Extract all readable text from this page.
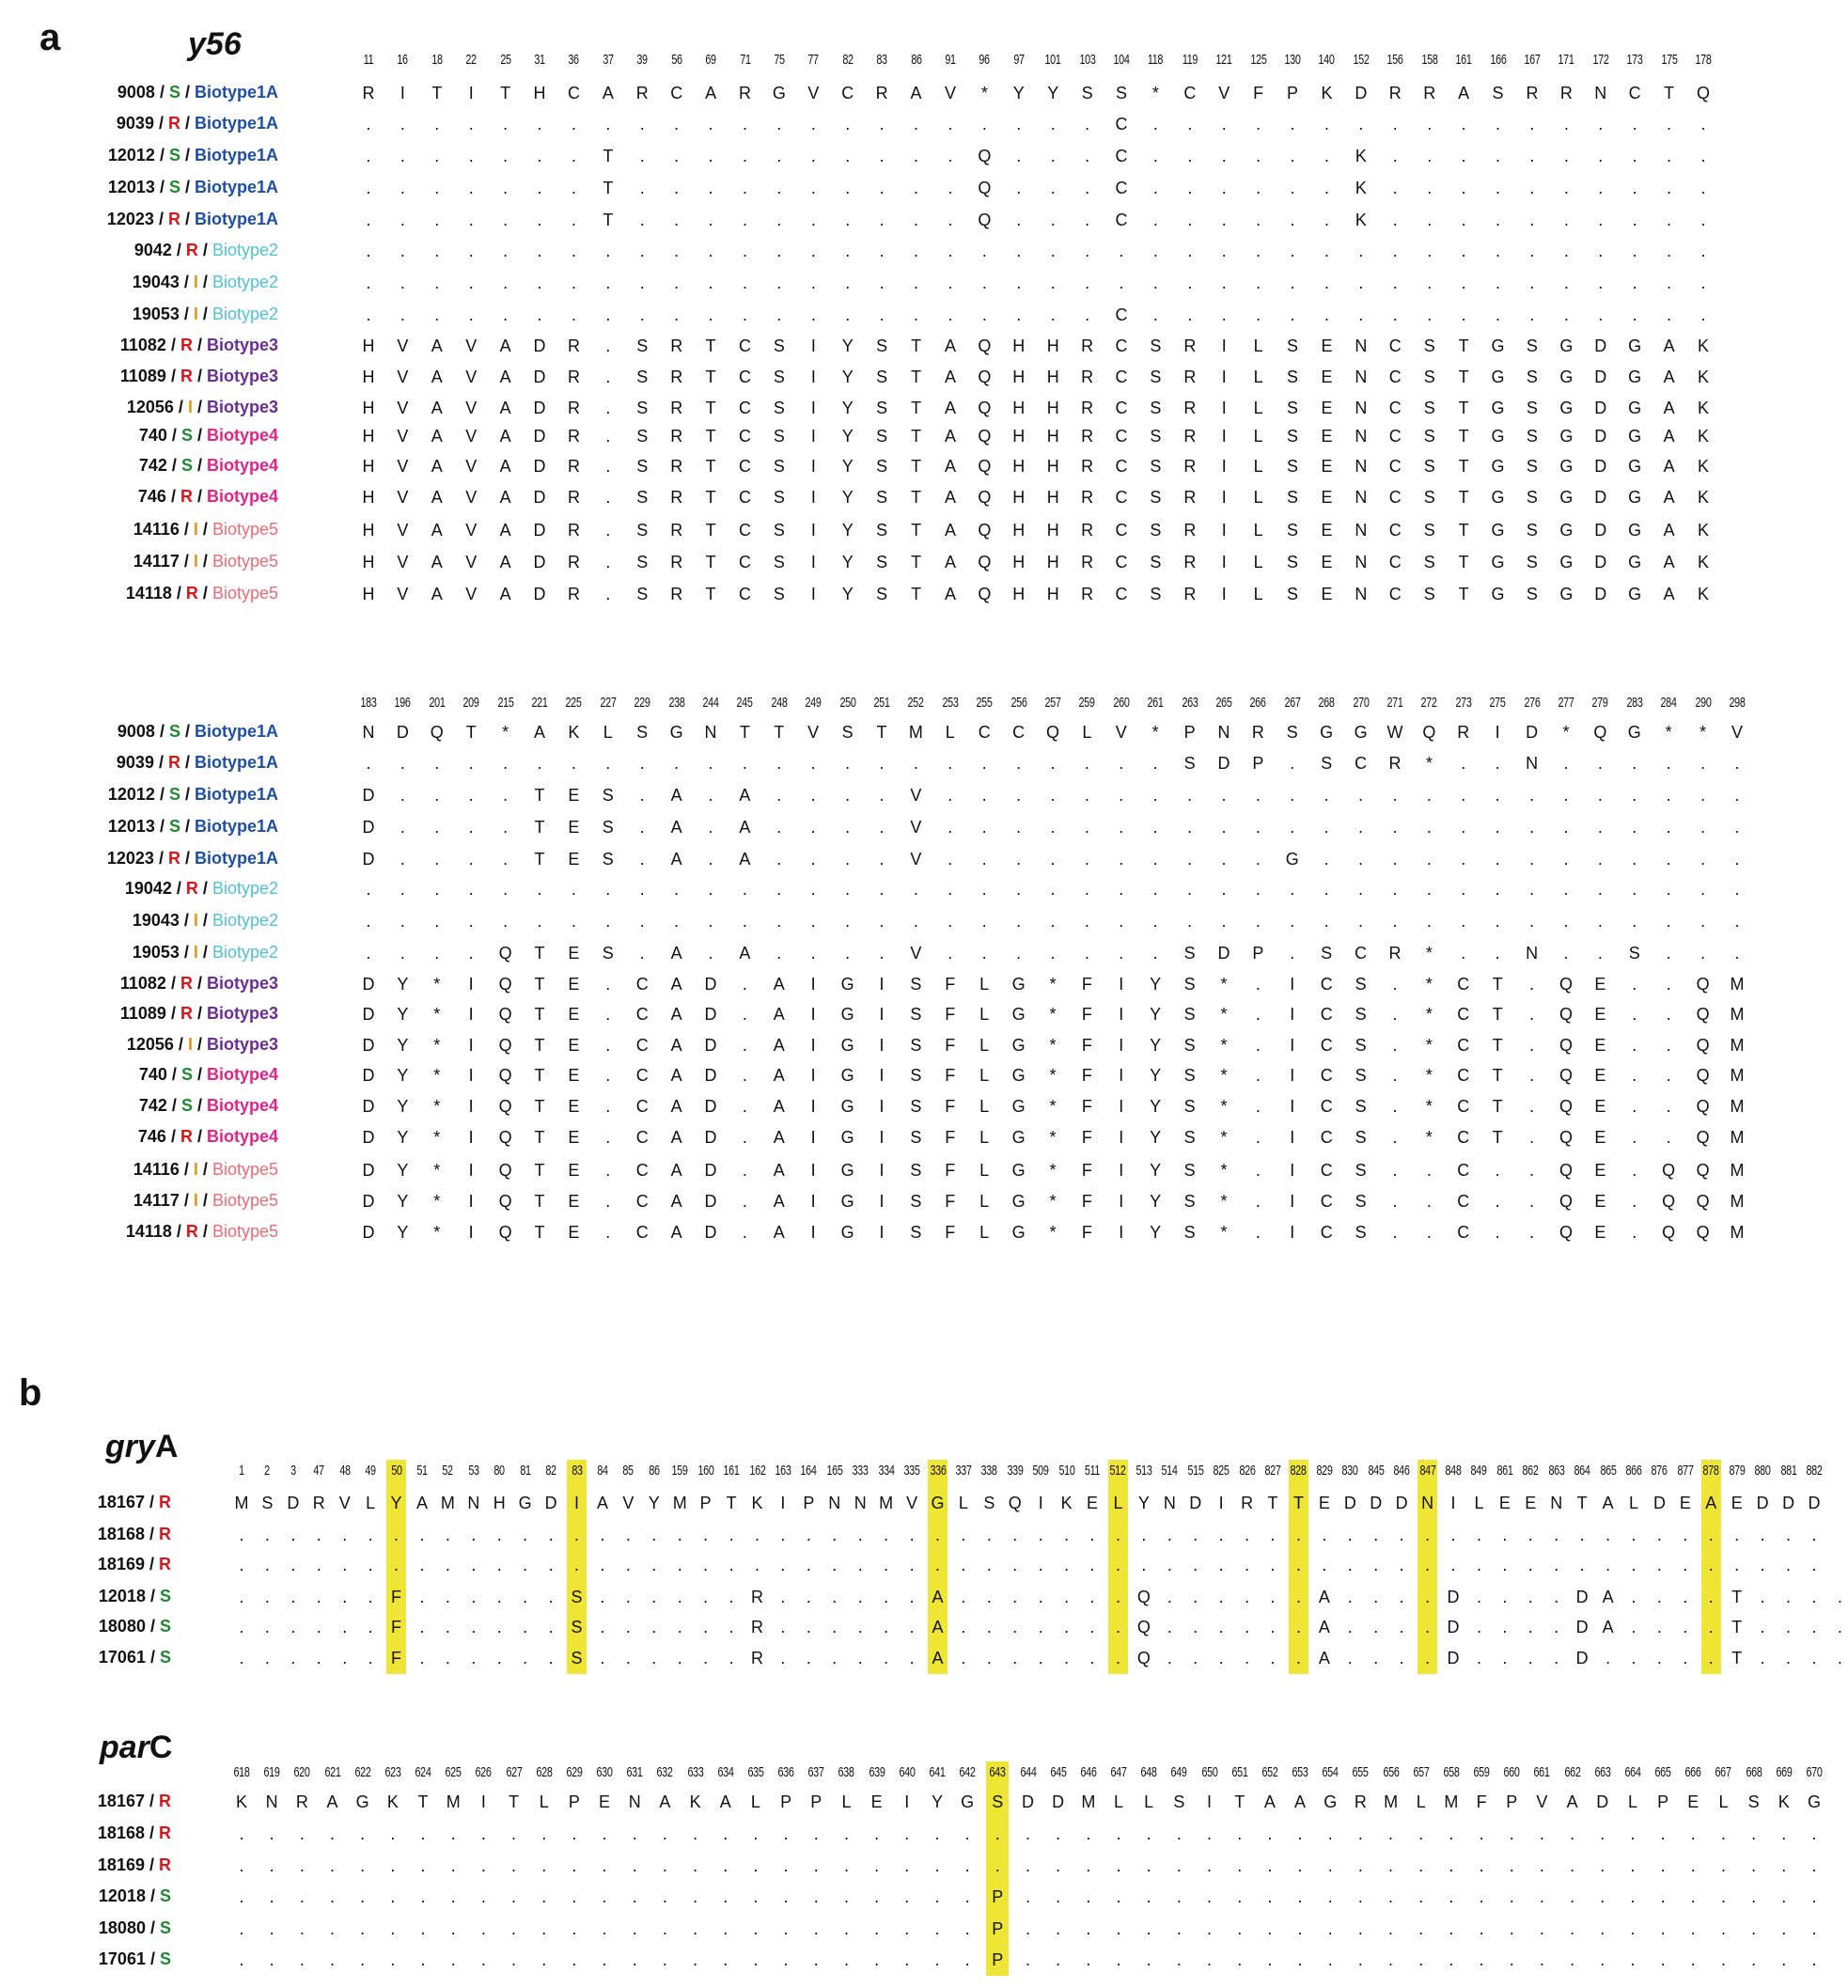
a	y56	11	16	18	22	25	31	36	37	39	56	69	71	75	77	82	83	86	91	96	97	101	103	104	118	119	121	125	130	140	152	156	158	161	166	167	171	172	173	175	178
9008 / S / Biotype1A	R	I	T	I	T	H	C	A	R	C	A	R	G	V	C	R	A	V	*	Y	Y	S	S	*	C	V	F	P	K	D	R	R	A	S	R	R	N	C	T	Q
9039 / R / Biotype1A	.	.	.	.	.	.	.	.	.	.	.	.	.	.	.	.	.	.	.	.	.	.	C	.	.	.	.	.	.	.	.	.	.	.	.	.	.	.	.	.
12012 / S / Biotype1A	.	.	.	.	.	.	.	T	.	.	.	.	.	.	.	.	.	.	Q	.	.	.	C	.	.	.	.	.	.	K	.	.	.	.	.	.	.	.	.	.
12013 / S / Biotype1A	.	.	.	.	.	.	.	T	.	.	.	.	.	.	.	.	.	.	Q	.	.	.	C	.	.	.	.	.	.	K	.	.	.	.	.	.	.	.	.	.
12023 / R / Biotype1A	.	.	.	.	.	.	.	T	.	.	.	.	.	.	.	.	.	.	Q	.	.	.	C	.	.	.	.	.	.	K	.	.	.	.	.	.	.	.	.	.
9042 / R / Biotype2	.	.	.	.	.	.	.	.	.	.	.	.	.	.	.	.	.	.	.	.	.	.	.	.	.	.	.	.	.	.	.	.	.	.	.	.	.	.	.	.
19043 / I / Biotype2	.	.	.	.	.	.	.	.	.	.	.	.	.	.	.	.	.	.	.	.	.	.	.	.	.	.	.	.	.	.	.	.	.	.	.	.	.	.	.	.
19053 / I / Biotype2	.	.	.	.	.	.	.	.	.	.	.	.	.	.	.	.	.	.	.	.	.	.	C	.	.	.	.	.	.	.	.	.	.	.	.	.	.	.	.	.
11082 / R / Biotype3	H	V	A	V	A	D	R	.	S	R	T	C	S	I	Y	S	T	A	Q	H	H	R	C	S	R	I	L	S	E	N	C	S	T	G	S	G	D	G	A	K
11089 / R / Biotype3	H	V	A	V	A	D	R	.	S	R	T	C	S	I	Y	S	T	A	Q	H	H	R	C	S	R	I	L	S	E	N	C	S	T	G	S	G	D	G	A	K
12056 / I / Biotype3	H	V	A	V	A	D	R	.	S	R	T	C	S	I	Y	S	T	A	Q	H	H	R	C	S	R	I	L	S	E	N	C	S	T	G	S	G	D	G	A	K
740 / S / Biotype4	H	V	A	V	A	D	R	.	S	R	T	C	S	I	Y	S	T	A	Q	H	H	R	C	S	R	I	L	S	E	N	C	S	T	G	S	G	D	G	A	K
742 / S / Biotype4	H	V	A	V	A	D	R	.	S	R	T	C	S	I	Y	S	T	A	Q	H	H	R	C	S	R	I	L	S	E	N	C	S	T	G	S	G	D	G	A	K
746 / R / Biotype4	H	V	A	V	A	D	R	.	S	R	T	C	S	I	Y	S	T	A	Q	H	H	R	C	S	R	I	L	S	E	N	C	S	T	G	S	G	D	G	A	K
14116 / I / Biotype5	H	V	A	V	A	D	R	.	S	R	T	C	S	I	Y	S	T	A	Q	H	H	R	C	S	R	I	L	S	E	N	C	S	T	G	S	G	D	G	A	K
14117 / I / Biotype5	H	V	A	V	A	D	R	.	S	R	T	C	S	I	Y	S	T	A	Q	H	H	R	C	S	R	I	L	S	E	N	C	S	T	G	S	G	D	G	A	K
14118 / R / Biotype5	H	V	A	V	A	D	R	.	S	R	T	C	S	I	Y	S	T	A	Q	H	H	R	C	S	R	I	L	S	E	N	C	S	T	G	S	G	D	G	A	K
183	196	201	209	215	221	225	227	229	238	244	245	248	249	250	251	252	253	255	256	257	259	260	261	263	265	266	267	268	270	271	272	273	275	276	277	279	283	284	290	298
9008 / S / Biotype1A	N	D	Q	T	*	A	K	L	S	G	N	T	T	V	S	T	M	L	C	C	Q	L	V	*	P	N	R	S	G	G	W	Q	R	I	D	*	Q	G	*	*	V
9039 / R / Biotype1A	.	.	.	.	.	.	.	.	.	.	.	.	.	.	.	.	.	.	.	.	.	.	.	.	S	D	P	.	S	C	R	*	.	.	N	.	.	.	.	.	.
12012 / S / Biotype1A	D	.	.	.	.	T	E	S	.	A	.	A	.	.	.	.	V	.	.	.	.	.	.	.	.	.	.	.	.	.	.	.	.	.	.	.	.	.	.	.	.
12013 / S / Biotype1A	D	.	.	.	.	T	E	S	.	A	.	A	.	.	.	.	V	.	.	.	.	.	.	.	.	.	.	.	.	.	.	.	.	.	.	.	.	.	.	.	.
12023 / R / Biotype1A	D	.	.	.	.	T	E	S	.	A	.	A	.	.	.	.	V	.	.	.	.	.	.	.	.	.	.	G	.	.	.	.	.	.	.	.	.	.	.	.	.
19042 / R / Biotype2	.	.	.	.	.	.	.	.	.	.	.	.	.	.	.	.	.	.	.	.	.	.	.	.	.	.	.	.	.	.	.	.	.	.	.	.	.	.	.	.	.
19043 / I / Biotype2	.	.	.	.	.	.	.	.	.	.	.	.	.	.	.	.	.	.	.	.	.	.	.	.	.	.	.	.	.	.	.	.	.	.	.	.	.	.	.	.	.
19053 / I / Biotype2	.	.	.	.	Q	T	E	S	.	A	.	A	.	.	.	.	V	.	.	.	.	.	.	.	S	D	P	.	S	C	R	*	.	.	N	.	.	S	.	.	.
11082 / R / Biotype3	D	Y	*	I	Q	T	E	.	C	A	D	.	A	I	G	I	S	F	L	G	*	F	I	Y	S	*	.	I	C	S	.	*	C	T	.	Q	E	.	.	Q	M
11089 / R / Biotype3	D	Y	*	I	Q	T	E	.	C	A	D	.	A	I	G	I	S	F	L	G	*	F	I	Y	S	*	.	I	C	S	.	*	C	T	.	Q	E	.	.	Q	M
12056 / I / Biotype3	D	Y	*	I	Q	T	E	.	C	A	D	.	A	I	G	I	S	F	L	G	*	F	I	Y	S	*	.	I	C	S	.	*	C	T	.	Q	E	.	.	Q	M
740 / S / Biotype4	D	Y	*	I	Q	T	E	.	C	A	D	.	A	I	G	I	S	F	L	G	*	F	I	Y	S	*	.	I	C	S	.	*	C	T	.	Q	E	.	.	Q	M
742 / S / Biotype4	D	Y	*	I	Q	T	E	.	C	A	D	.	A	I	G	I	S	F	L	G	*	F	I	Y	S	*	.	I	C	S	.	*	C	T	.	Q	E	.	.	Q	M
746 / R / Biotype4	D	Y	*	I	Q	T	E	.	C	A	D	.	A	I	G	I	S	F	L	G	*	F	I	Y	S	*	.	I	C	S	.	*	C	T	.	Q	E	.	.	Q	M
14116 / I / Biotype5	D	Y	*	I	Q	T	E	.	C	A	D	.	A	I	G	I	S	F	L	G	*	F	I	Y	S	*	.	I	C	S	.	.	C	.	.	Q	E	.	Q	Q	M
14117 / I / Biotype5	D	Y	*	I	Q	T	E	.	C	A	D	.	A	I	G	I	S	F	L	G	*	F	I	Y	S	*	.	I	C	S	.	.	C	.	.	Q	E	.	Q	Q	M
14118 / R / Biotype5	D	Y	*	I	Q	T	E	.	C	A	D	.	A	I	G	I	S	F	L	G	*	F	I	Y	S	*	.	I	C	S	.	.	C	.	.	Q	E	.	Q	Q	M
b
gryA
parC
1	2	3	47	48	49	50	51	52	53	80	81	82	83	84	85	86 159 160 161 162 163 164 165 333 334 335 336 337 338 339 509 510 511 512 513 514 515 825 826 827 828 829 830 845 846 847 848 849 861 862 863 864 865 866 876 877 878 879 880 881 882
18167 / R	M S D R V L Y A M N H G D	I	A V Y M P T K	I	P N N M V G L S Q I	K E L Y N D	I	R T T E D D D N	I	L E E N T A L D E A E D D D
18168 / R	.	.	.	.	.	.	.	.	.	.	.	.	.	.	.	.	.	.	.	.	.	.	.	.	.	.	.	.	.	.	.	.	.	.	.	.	.	.	.	.	.	.	.	.	.	.	.	.	.	.	.	.	.	.	.	.	.	.	.	.	.	.
18169 / R	.	.	.	.	.	.	.	.	.	.	.	.	.	.	.	.	.	.	.	.	.	.	.	.	.	.	.	.	.	.	.	.	.	.	.	.	.	.	.	.	.	.	.	.	.	.	.	.	.	.	.	.	.	.	.	.	.	.	.	.	.	.
12018 / S	.	.	.	.	.	.	F	.	.	.	.	.	.	S	.	.	.	.	.	.	R	.	.	.	.	.	.	A	.	.	.	.	.	.	. Q .	.	.	.	.	.	A	.	.	.	.	D	.	.	.	.	D A	.	.	.	.	T	.	.	.	.
18080 / S	.	.	.	.	.	.	F	.	.	.	.	.	.	S	.	.	.	.	.	.	R	.	.	.	.	.	.	A	.	.	.	.	.	.	. Q .	.	.	.	.	.	A	.	.	.	.	D	.	.	.	.	D A	.	.	.	.	T	.	.	.	.
17061 / S	.	.	.	.	.	.	F	.	.	.	.	.	.	S	.	.	.	.	.	.	R	.	.	.	.	.	.	A	.	.	.	.	.	.	. Q .	.	.	.	.	.	A	.	.	.	.	D	.	.	.	.	D	.	.	.	.	.	T	.	.	.	.
618	619	620	621	622	623	624	625	626	627	628	629	630	631	632	633	634	635	636	637	638	639	640	641	642	643	644	645	646	647	648	649	650	651	652	653	654	655	656	657	658	659	660	661	662	663	664	665	666	667	668	669	670
18167 / R	K	N	R	A	G	K	T	M	I	T	L	P	E	N	A	K	A	L	P	P	L	E	I	Y	G	S	D	D	M	L	L	S	I	T	A	A	G	R	M	L	M	F	P	V	A	D	L	P	E	L	S	K	G
18168 / R	.	.	.	.	.	.	.	.	.	.	.	.	.	.	.	.	.	.	.	.	.	.	.	.	.	.	.	.	.	.	.	.	.	.	.	.	.	.	.	.	.	.	.	.	.	.	.	.	.	.	.	.	.
18169 / R	.	.	.	.	.	.	.	.	.	.	.	.	.	.	.	.	.	.	.	.	.	.	.	.	.	.	.	.	.	.	.	.	.	.	.	.	.	.	.	.	.	.	.	.	.	.	.	.	.	.	.	.	.
12018 / S	.	.	.	.	.	.	.	.	.	.	.	.	.	.	.	.	.	.	.	.	.	.	.	.	.	P	.	.	.	.	.	.	.	.	.	.	.	.	.	.	.	.	.	.	.	.	.	.	.	.	.	.	.
18080 / S	.	.	.	.	.	.	.	.	.	.	.	.	.	.	.	.	.	.	.	.	.	.	.	.	.	P	.	.	.	.	.	.	.	.	.	.	.	.	.	.	.	.	.	.	.	.	.	.	.	.	.	.	.
17061 / S	.	.	.	.	.	.	.	.	.	.	.	.	.	.	.	.	.	.	.	.	.	.	.	.	.	P	.	.	.	.	.	.	.	.	.	.	.	.	.	.	.	.	.	.	.	.	.	.	.	.	.	.	.
